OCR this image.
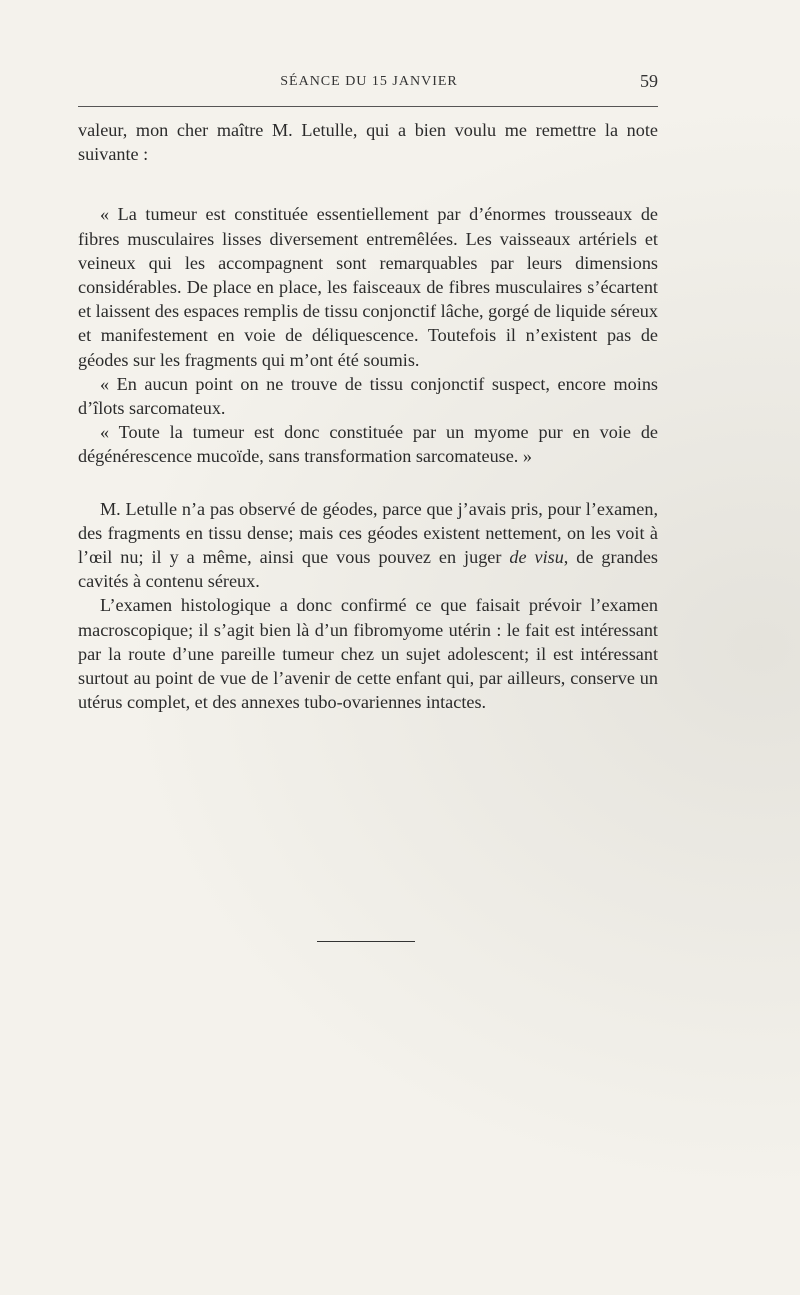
SÉANCE DU 15 JANVIER	59

valeur, mon cher maître M. Letulle, qui a bien voulu me remettre la note suivante :

« La tumeur est constituée essentiellement par d’énormes trousseaux de fibres musculaires lisses diversement entremêlées. Les vaisseaux artériels et veineux qui les accompagnent sont remarquables par leurs dimensions considérables. De place en place, les faisceaux de fibres musculaires s’écartent et laissent des espaces remplis de tissu conjonctif lâche, gorgé de liquide séreux et manifestement en voie de déliquescence. Toutefois il n’existent pas de géodes sur les fragments qui m’ont été soumis.

« En aucun point on ne trouve de tissu conjonctif suspect, encore moins d’îlots sarcomateux.

« Toute la tumeur est donc constituée par un myome pur en voie de dégénérescence mucoïde, sans transformation sarcomateuse. »

M. Letulle n’a pas observé de géodes, parce que j’avais pris, pour l’examen, des fragments en tissu dense; mais ces géodes existent nettement, on les voit à l’œil nu; il y a même, ainsi que vous pouvez en juger de visu, de grandes cavités à contenu séreux.

L’examen histologique a donc confirmé ce que faisait prévoir l’examen macroscopique; il s’agit bien là d’un fibromyome utérin : le fait est intéressant par la route d’une pareille tumeur chez un sujet adolescent; il est intéressant surtout au point de vue de l’avenir de cette enfant qui, par ailleurs, conserve un utérus complet, et des annexes tubo-ovariennes intactes.
